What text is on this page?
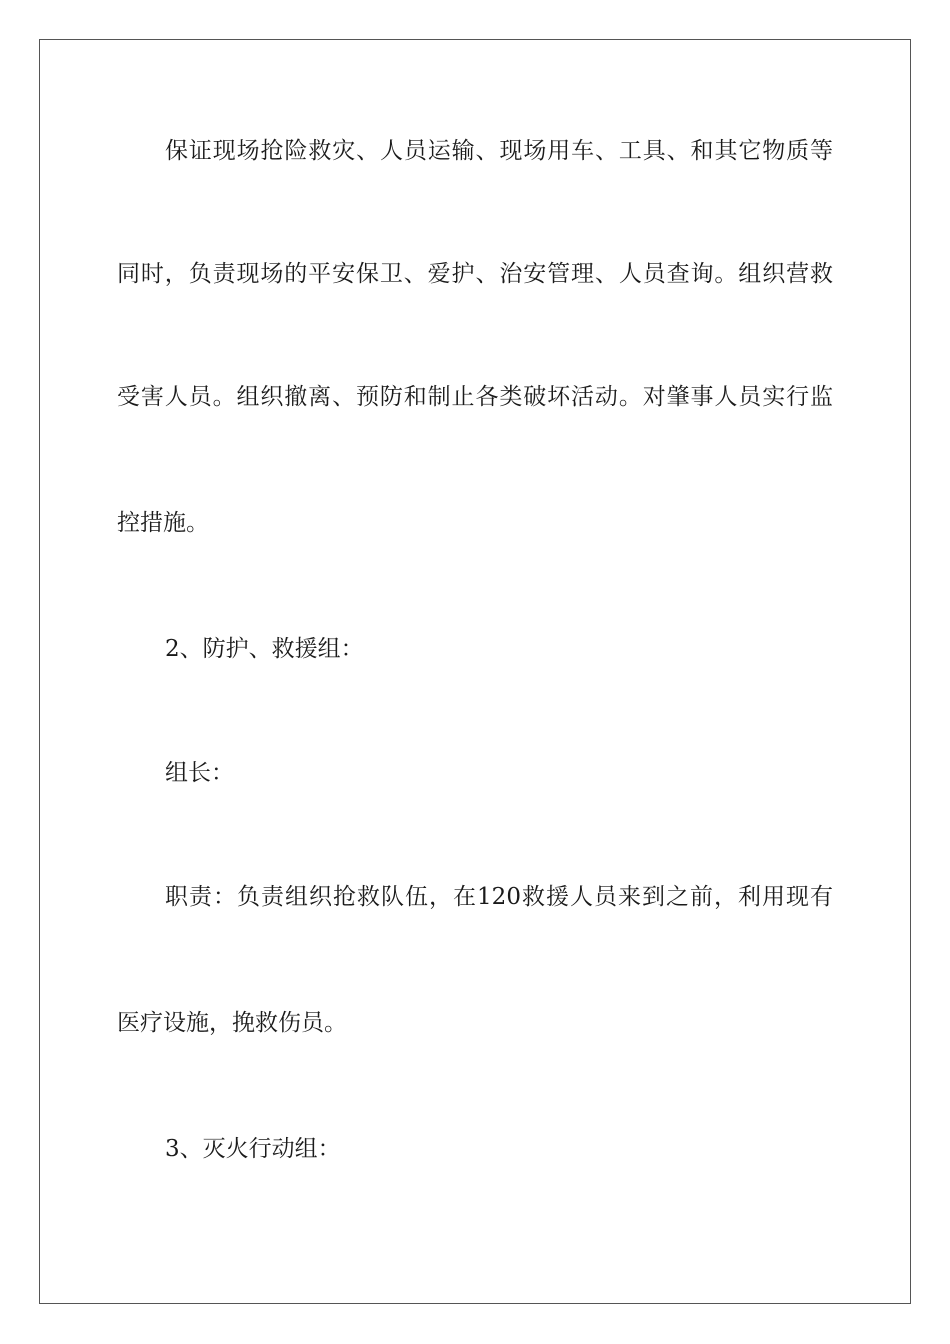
保证现场抢险救灾、人员运输、现场用车、工具、和其它物质等

同时，负责现场的平安保卫、爱护、治安管理、人员查询。组织营救

受害人员。组织撤离、预防和制止各类破坏活动。对肇事人员实行监

控措施。

2、防护、救援组：

组长：

职责：负责组织抢救队伍，在120救援人员来到之前，利用现有

医疗设施，挽救伤员。

3、灭火行动组：
